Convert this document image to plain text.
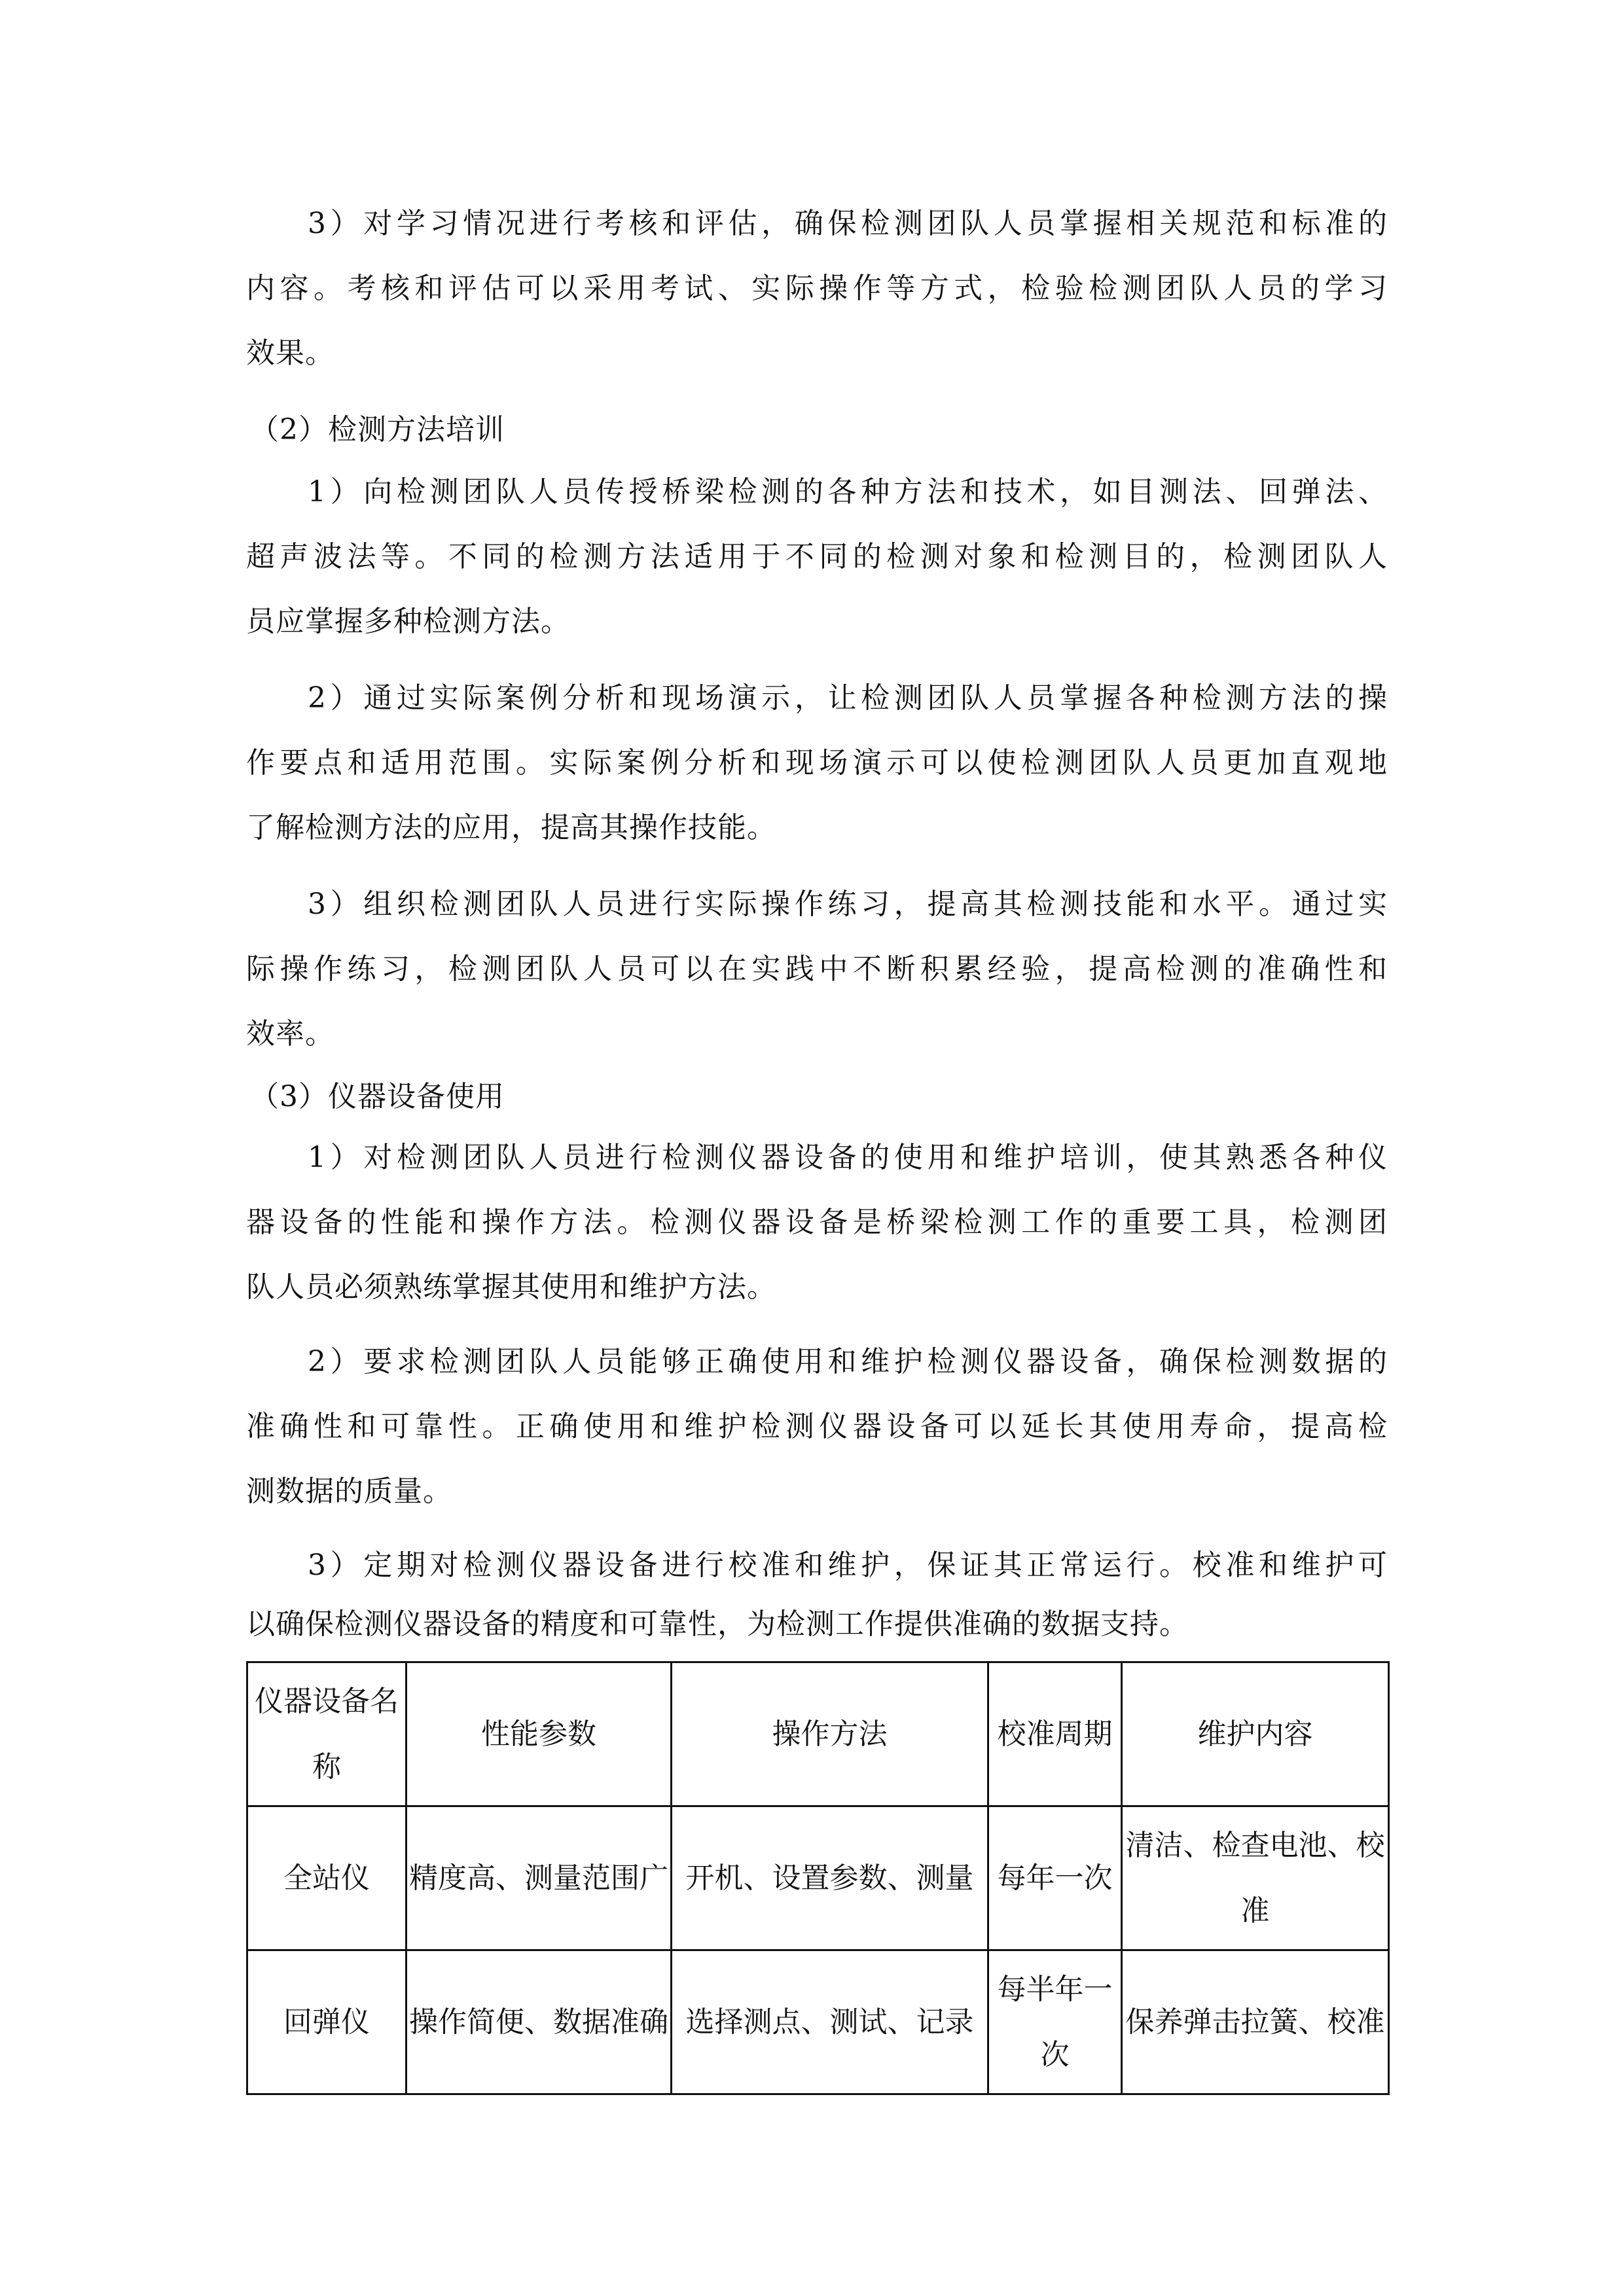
3）对学习情况进行考核和评估，确保检测团队人员掌握相关规范和标准的
内容。考核和评估可以采用考试、实际操作等方式，检验检测团队人员的学习
效果。
（2）检测方法培训
1）向检测团队人员传授桥梁检测的各种方法和技术，如目测法、回弹法、
超声波法等。不同的检测方法适用于不同的检测对象和检测目的，检测团队人
员应掌握多种检测方法。
2）通过实际案例分析和现场演示，让检测团队人员掌握各种检测方法的操
作要点和适用范围。实际案例分析和现场演示可以使检测团队人员更加直观地
了解检测方法的应用，提高其操作技能。
3）组织检测团队人员进行实际操作练习，提高其检测技能和水平。通过实
际操作练习，检测团队人员可以在实践中不断积累经验，提高检测的准确性和
效率。
（3）仪器设备使用
1）对检测团队人员进行检测仪器设备的使用和维护培训，使其熟悉各种仪
器设备的性能和操作方法。检测仪器设备是桥梁检测工作的重要工具，检测团
队人员必须熟练掌握其使用和维护方法。
2）要求检测团队人员能够正确使用和维护检测仪器设备，确保检测数据的
准确性和可靠性。正确使用和维护检测仪器设备可以延长其使用寿命，提高检
测数据的质量。
3）定期对检测仪器设备进行校准和维护，保证其正常运行。校准和维护可
以确保检测仪器设备的精度和可靠性，为检测工作提供准确的数据支持。
仪器设备名称	性能参数	操作方法	校准周期	维护内容
全站仪	精度高、测量范围广	开机、设置参数、测量	每年一次	清洁、检查电池、校准
回弹仪	操作简便、数据准确	选择测点、测试、记录	每半年一次	保养弹击拉簧、校准
